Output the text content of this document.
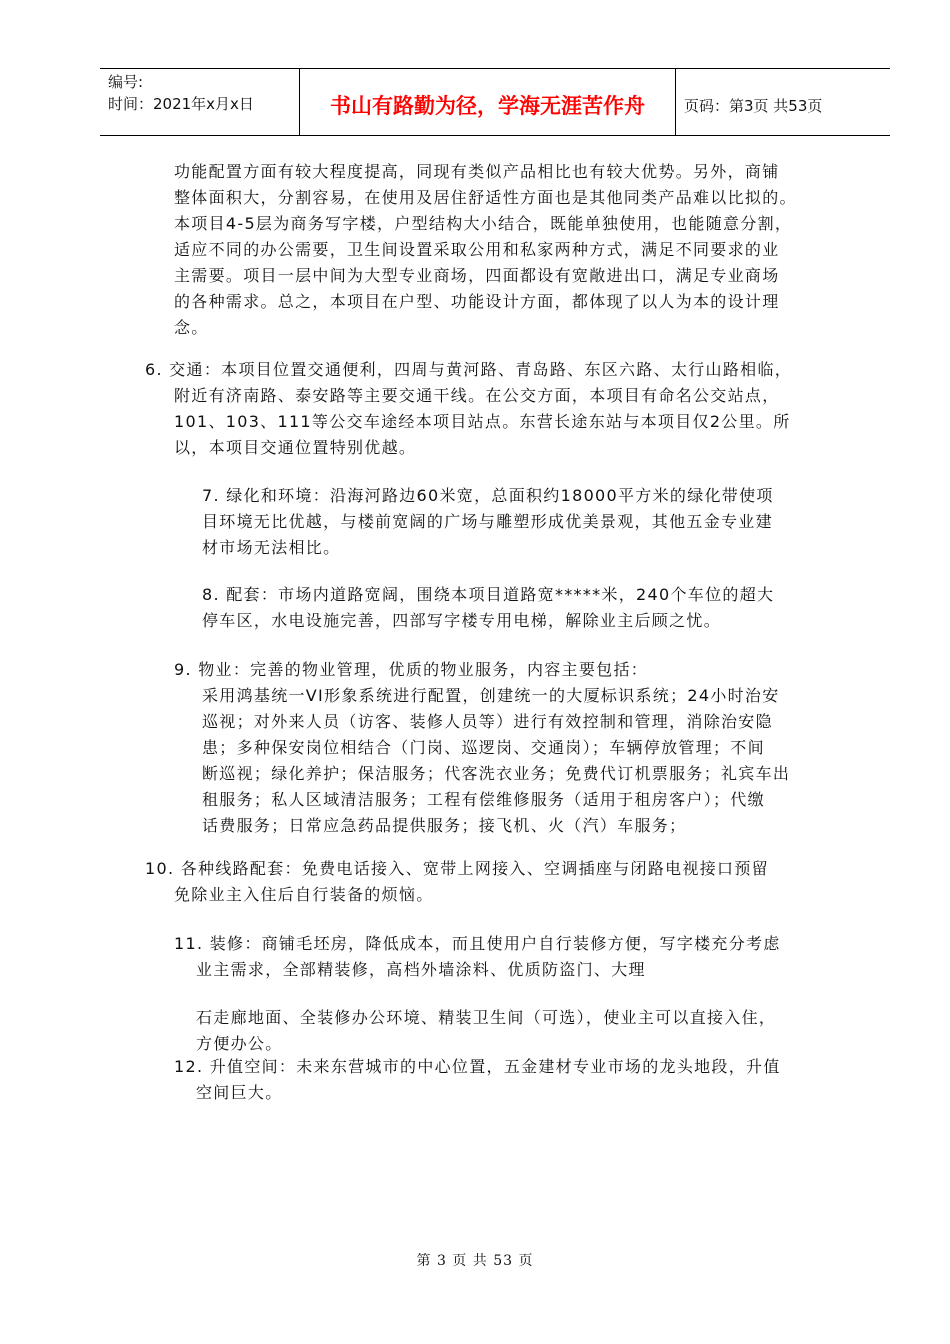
编号:
时间：2021年x月x日	书山有路勤为径，学海无涯苦作舟	页码：第3页 共53页
功能配置方面有较大程度提高，同现有类似产品相比也有较大优势。另外，商铺
整体面积大，分割容易，在使用及居住舒适性方面也是其他同类产品难以比拟的。
本项目4-5层为商务写字楼，户型结构大小结合，既能单独使用，也能随意分割，
适应不同的办公需要，卫生间设置采取公用和私家两种方式，满足不同要求的业
主需要。项目一层中间为大型专业商场，四面都设有宽敞进出口，满足专业商场
的各种需求。总之，本项目在户型、功能设计方面，都体现了以人为本的设计理
念。
6. 交通：本项目位置交通便利，四周与黄河路、青岛路、东区六路、太行山路相临，
附近有济南路、泰安路等主要交通干线。在公交方面，本项目有命名公交站点，
101、103、111等公交车途经本项目站点。东营长途东站与本项目仅2公里。所
以，本项目交通位置特别优越。
7. 绿化和环境：沿海河路边60米宽，总面积约18000平方米的绿化带使项
目环境无比优越，与楼前宽阔的广场与雕塑形成优美景观，其他五金专业建
材市场无法相比。
8. 配套：市场内道路宽阔，围绕本项目道路宽*****米，240个车位的超大
停车区，水电设施完善，四部写字楼专用电梯，解除业主后顾之忧。
9. 物业：完善的物业管理，优质的物业服务，内容主要包括：
采用鸿基统一VI形象系统进行配置，创建统一的大厦标识系统；24小时治安
巡视；对外来人员（访客、装修人员等）进行有效控制和管理，消除治安隐
患；多种保安岗位相结合（门岗、巡逻岗、交通岗）；车辆停放管理；不间
断巡视；绿化养护；保洁服务；代客洗衣业务；免费代订机票服务；礼宾车出
租服务；私人区域清洁服务；工程有偿维修服务（适用于租房客户）；代缴
话费服务；日常应急药品提供服务；接飞机、火（汽）车服务；
10. 各种线路配套：免费电话接入、宽带上网接入、空调插座与闭路电视接口预留
免除业主入住后自行装备的烦恼。
11. 装修：商铺毛坯房，降低成本，而且使用户自行装修方便，写字楼充分考虑
业主需求，全部精装修，高档外墙涂料、优质防盗门、大理
石走廊地面、全装修办公环境、精装卫生间（可选），使业主可以直接入住，
方便办公。
12. 升值空间：未来东营城市的中心位置，五金建材专业市场的龙头地段，升值
空间巨大。
第 3 页 共 53 页
